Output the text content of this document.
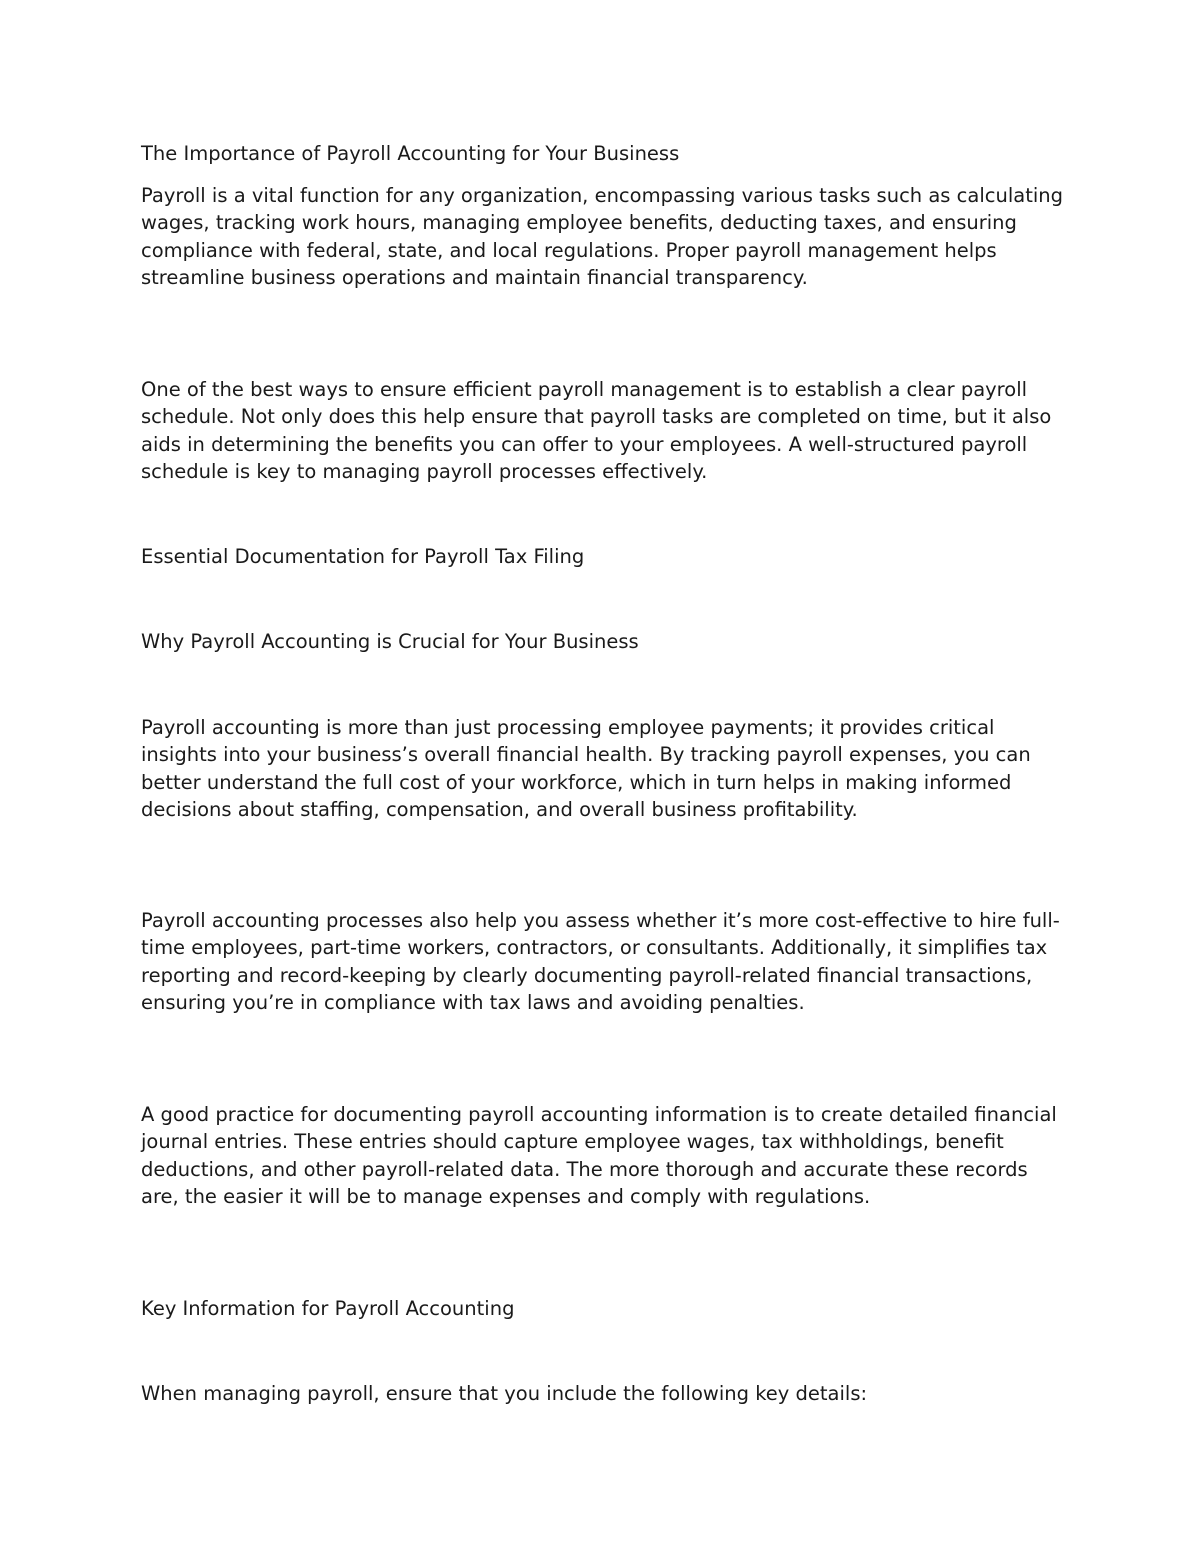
The Importance of Payroll Accounting for Your Business

Payroll is a vital function for any organization, encompassing various tasks such as calculating wages, tracking work hours, managing employee benefits, deducting taxes, and ensuring compliance with federal, state, and local regulations. Proper payroll management helps streamline business operations and maintain financial transparency.

One of the best ways to ensure efficient payroll management is to establish a clear payroll schedule. Not only does this help ensure that payroll tasks are completed on time, but it also aids in determining the benefits you can offer to your employees. A well-structured payroll schedule is key to managing payroll processes effectively.

Essential Documentation for Payroll Tax Filing

Why Payroll Accounting is Crucial for Your Business

Payroll accounting is more than just processing employee payments; it provides critical insights into your business’s overall financial health. By tracking payroll expenses, you can better understand the full cost of your workforce, which in turn helps in making informed decisions about staffing, compensation, and overall business profitability.

Payroll accounting processes also help you assess whether it’s more cost-effective to hire full-time employees, part-time workers, contractors, or consultants. Additionally, it simplifies tax reporting and record-keeping by clearly documenting payroll-related financial transactions, ensuring you’re in compliance with tax laws and avoiding penalties.

A good practice for documenting payroll accounting information is to create detailed financial journal entries. These entries should capture employee wages, tax withholdings, benefit deductions, and other payroll-related data. The more thorough and accurate these records are, the easier it will be to manage expenses and comply with regulations.

Key Information for Payroll Accounting

When managing payroll, ensure that you include the following key details:
